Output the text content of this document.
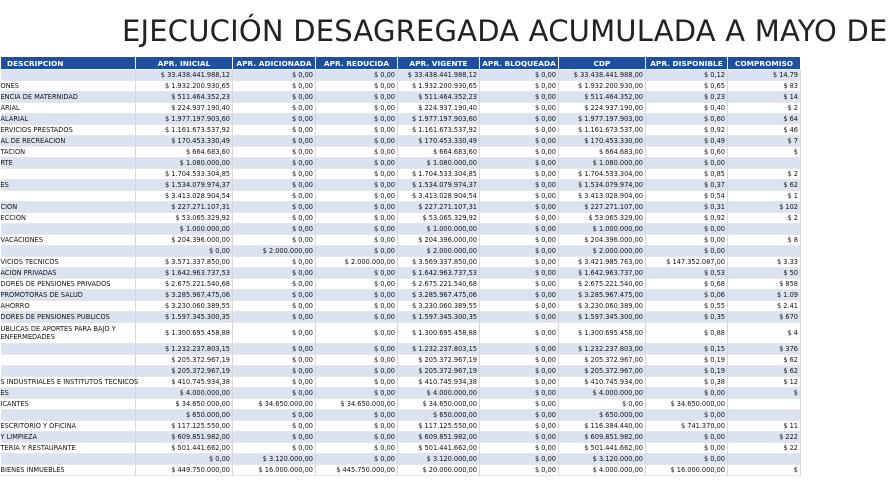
EJECUCIÓN DESAGREGADA ACUMULADA A MAYO DE
DESCRIPCION	APR. INICIAL	APR. ADICIONADA	APR. REDUCIDA	APR. VIGENTE	APR. BLOQUEADA	CDP	APR. DISPONIBLE	COMPROMISO
	$ 33.438.441.988,12	$ 0,00	$ 0,00	$ 33.438.441.988,12	$ 0,00	$ 33.438.441.988,00	$ 0,12	$ 14.79
ONES	$ 1.932.200.930,65	$ 0,00	$ 0,00	$ 1.932.200.930,65	$ 0,00	$ 1.932.200.930,00	$ 0,65	$ 83
ENCIA DE MATERNIDAD	$ 511.464.352,23	$ 0,00	$ 0,00	$ 511.464.352,23	$ 0,00	$ 511.464.352,00	$ 0,23	$ 14
ARIAL	$ 224.937.190,40	$ 0,00	$ 0,00	$ 224.937.190,40	$ 0,00	$ 224.937.190,00	$ 0,40	$ 2
ALARIAL	$ 1.977.197.903,60	$ 0,00	$ 0,00	$ 1.977.197.903,60	$ 0,00	$ 1.977.197.903,00	$ 0,60	$ 64
ERVICIOS PRESTADOS	$ 1.161.673.537,92	$ 0,00	$ 0,00	$ 1.161.673.537,92	$ 0,00	$ 1.161.673.537,00	$ 0,92	$ 46
AL DE RECREACION	$ 170.453.330,49	$ 0,00	$ 0,00	$ 170.453.330,49	$ 0,00	$ 170.453.330,00	$ 0,49	$ 7
TACION	$ 664.683,60	$ 0,00	$ 0,00	$ 664.683,60	$ 0,00	$ 664.683,00	$ 0,60	$
RTE	$ 1.080.000,00	$ 0,00	$ 0,00	$ 1.080.000,00	$ 0,00	$ 1.080.000,00	$ 0,00	
	$ 1.704.533.304,85	$ 0,00	$ 0,00	$ 1.704.533.304,85	$ 0,00	$ 1.704.533.304,00	$ 0,85	$ 2
ES	$ 1.534.079.974,37	$ 0,00	$ 0,00	$ 1.534.079.974,37	$ 0,00	$ 1.534.079.974,00	$ 0,37	$ 62
	$ 3.413.028.904,54	$ 0,00	$ 0,00	$ 3.413.028.904,54	$ 0,00	$ 3.413.028.904,00	$ 0,54	$ 1
CION	$ 227.271.107,31	$ 0,00	$ 0,00	$ 227.271.107,31	$ 0,00	$ 227.271.107,00	$ 0,31	$ 102
ECCION	$ 53.065.329,92	$ 0,00	$ 0,00	$ 53.065.329,92	$ 0,00	$ 53.065.329,00	$ 0,92	$ 2
	$ 1.000.000,00	$ 0,00	$ 0,00	$ 1.000.000,00	$ 0,00	$ 1.000.000,00	$ 0,00	
VACACIONES	$ 204.396.000,00	$ 0,00	$ 0,00	$ 204.396.000,00	$ 0,00	$ 204.396.000,00	$ 0,00	$ 8
	$ 0,00	$ 2.000.000,00	$ 0,00	$ 2.000.000,00	$ 0,00	$ 2.000.000,00	$ 0,00	
VICIOS TECNICOS	$ 3.571.337.850,00	$ 0,00	$ 2.000.000,00	$ 3.569.337.850,00	$ 0,00	$ 3.421.985.763,00	$ 147.352.087,00	$ 3.33
ACION PRIVADAS	$ 1.642.963.737,53	$ 0,00	$ 0,00	$ 1.642.963.737,53	$ 0,00	$ 1.642.963.737,00	$ 0,53	$ 50
DORES DE PENSIONES PRIVADOS	$ 2.675.221.540,68	$ 0,00	$ 0,00	$ 2.675.221.540,68	$ 0,00	$ 2.675.221.540,00	$ 0,68	$ 858
PROMOTORAS DE SALUD	$ 3.285.967.475,06	$ 0,00	$ 0,00	$ 3.285.967.475,06	$ 0,00	$ 3.285.967.475,00	$ 0,06	$ 1.09
AHORRO	$ 3.230.060.389,55	$ 0,00	$ 0,00	$ 3.230.060.389,55	$ 0,00	$ 3.230.060.389,00	$ 0,55	$ 2.41
DORES DE PENSIONES PUBLICOS	$ 1.597.345.300,35	$ 0,00	$ 0,00	$ 1.597.345.300,35	$ 0,00	$ 1.597.345.300,00	$ 0,35	$ 670
UBLICAS DE APORTES PARA BAJO Y ENFERMEDADES	$ 1.300.695.458,88	$ 0,00	$ 0,00	$ 1.300.695.458,88	$ 0,00	$ 1.300.695.458,00	$ 0,88	$ 4
	$ 1.232.237.803,15	$ 0,00	$ 0,00	$ 1.232.237.803,15	$ 0,00	$ 1.232.237.803,00	$ 0,15	$ 376
	$ 205.372.967,19	$ 0,00	$ 0,00	$ 205.372.967,19	$ 0,00	$ 205.372.967,00	$ 0,19	$ 62
	$ 205.372.967,19	$ 0,00	$ 0,00	$ 205.372.967,19	$ 0,00	$ 205.372.967,00	$ 0,19	$ 62
S INDUSTRIALES E INSTITUTOS TECNICOS	$ 410.745.934,38	$ 0,00	$ 0,00	$ 410.745.934,38	$ 0,00	$ 410.745.934,00	$ 0,38	$ 12
ES	$ 4.000.000,00	$ 0,00	$ 0,00	$ 4.000.000,00	$ 0,00	$ 4.000.000,00	$ 0,00	$
ICANTES	$ 34.650.000,00	$ 34.650.000,00	$ 34.650.000,00	$ 34.650.000,00	$ 0,00	$ 0,00	$ 34.650.000,00	
	$ 650.000,00	$ 0,00	$ 0,00	$ 650.000,00	$ 0,00	$ 650.000,00	$ 0,00	
ESCRITORIO Y OFICINA	$ 117.125.550,00	$ 0,00	$ 0,00	$ 117.125.550,00	$ 0,00	$ 116.384.440,00	$ 741.370,00	$ 11
Y LIMPIEZA	$ 609.851.982,00	$ 0,00	$ 0,00	$ 609.851.982,00	$ 0,00	$ 609.851.982,00	$ 0,00	$ 222
TERIA Y RESTAURANTE	$ 501.441.662,00	$ 0,00	$ 0,00	$ 501.441.662,00	$ 0,00	$ 501.441.662,00	$ 0,00	$ 22
	$ 0,00	$ 3.120.000,00	$ 0,00	$ 3.120.000,00	$ 0,00	$ 3.120.000,00	$ 0,00	
BIENES INMUEBLES	$ 449.750.000,00	$ 16.000.000,00	$ 445.750.000,00	$ 20.000.000,00	$ 0,00	$ 4.000.000,00	$ 16.000.000,00	$
